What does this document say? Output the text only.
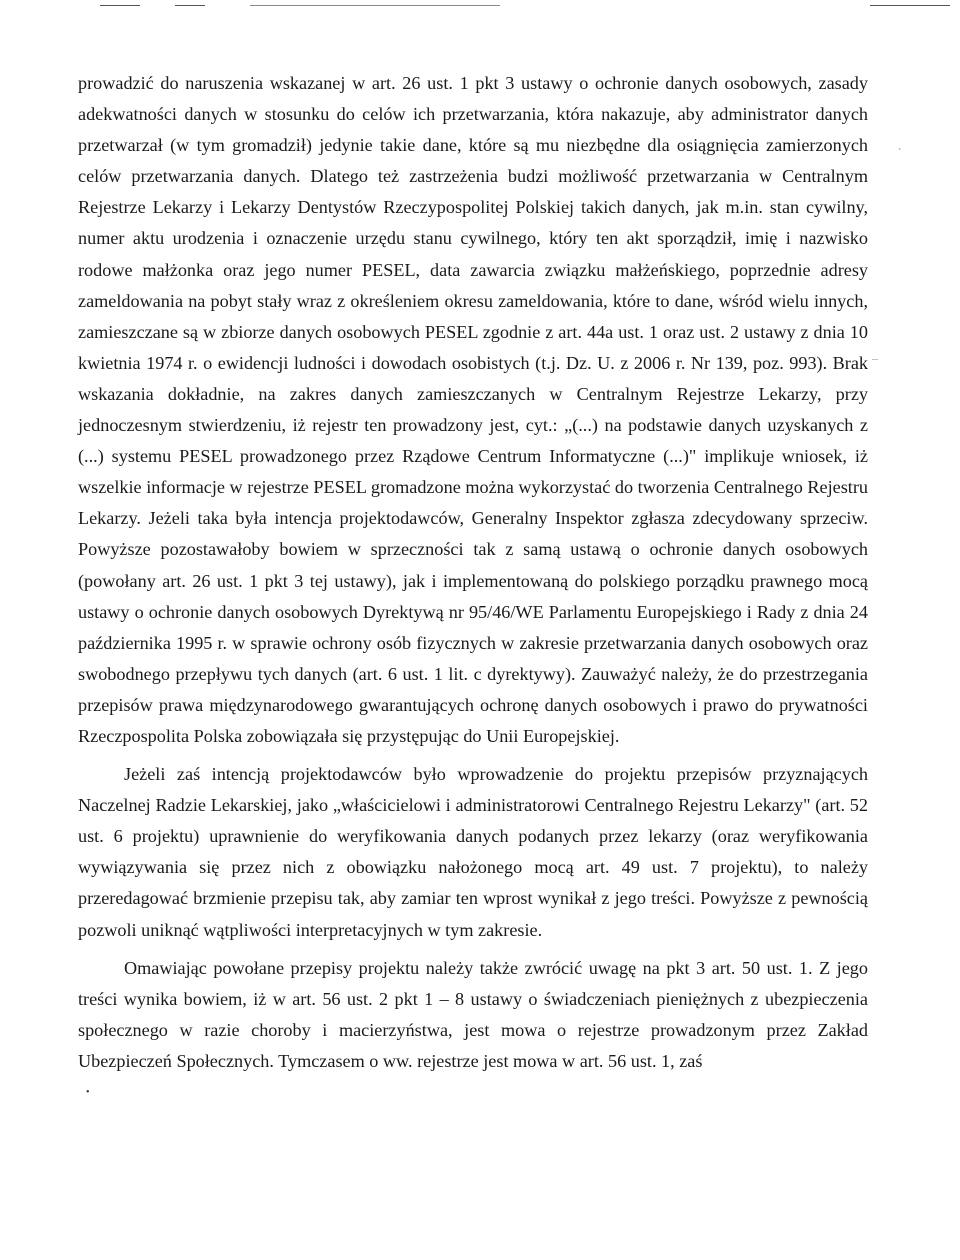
ˋ
–
•

prowadzić do naruszenia wskazanej w art. 26 ust. 1 pkt 3 ustawy o ochronie danych osobowych, zasady adekwatności danych w stosunku do celów ich przetwarzania, która nakazuje, aby administrator danych przetwarzał (w tym gromadził) jedynie takie dane, które są mu niezbędne dla osiągnięcia zamierzonych celów przetwarzania danych. Dlatego też zastrzeżenia budzi możliwość przetwarzania w Centralnym Rejestrze Lekarzy i Lekarzy Dentystów Rzeczypospolitej Polskiej takich danych, jak m.in. stan cywilny, numer aktu urodzenia i oznaczenie urzędu stanu cywilnego, który ten akt sporządził, imię i nazwisko rodowe małżonka oraz jego numer PESEL, data zawarcia związku małżeńskiego, poprzednie adresy zameldowania na pobyt stały wraz z określeniem okresu zameldowania, które to dane, wśród wielu innych, zamieszczane są w zbiorze danych osobowych PESEL zgodnie z art. 44a ust. 1 oraz ust. 2 ustawy z dnia 10 kwietnia 1974 r. o ewidencji ludności i dowodach osobistych (t.j. Dz. U. z 2006 r. Nr 139, poz. 993). Brak wskazania dokładnie, na zakres danych zamieszczanych w Centralnym Rejestrze Lekarzy, przy jednoczesnym stwierdzeniu, iż rejestr ten prowadzony jest, cyt.: „(...) na podstawie danych uzyskanych z (...) systemu PESEL prowadzonego przez Rządowe Centrum Informatyczne (...)" implikuje wniosek, iż wszelkie informacje w rejestrze PESEL gromadzone można wykorzystać do tworzenia Centralnego Rejestru Lekarzy. Jeżeli taka była intencja projektodawców, Generalny Inspektor zgłasza zdecydowany sprzeciw. Powyższe pozostawałoby bowiem w sprzeczności tak z samą ustawą o ochronie danych osobowych (powołany art. 26 ust. 1 pkt 3 tej ustawy), jak i implementowaną do polskiego porządku prawnego mocą ustawy o ochronie danych osobowych Dyrektywą nr 95/46/WE Parlamentu Europejskiego i Rady z dnia 24 października 1995 r. w sprawie ochrony osób fizycznych w zakresie przetwarzania danych osobowych oraz swobodnego przepływu tych danych (art. 6 ust. 1 lit. c dyrektywy). Zauważyć należy, że do przestrzegania przepisów prawa międzynarodowego gwarantujących ochronę danych osobowych i prawo do prywatności Rzeczpospolita Polska zobowiązała się przystępując do Unii Europejskiej.

Jeżeli zaś intencją projektodawców było wprowadzenie do projektu przepisów przyznających Naczelnej Radzie Lekarskiej, jako „właścicielowi i administratorowi Centralnego Rejestru Lekarzy" (art. 52 ust. 6 projektu) uprawnienie do weryfikowania danych podanych przez lekarzy (oraz weryfikowania wywiązywania się przez nich z obowiązku nałożonego mocą art. 49 ust. 7 projektu), to należy przeredagować brzmienie przepisu tak, aby zamiar ten wprost wynikał z jego treści. Powyższe z pewnością pozwoli uniknąć wątpliwości interpretacyjnych w tym zakresie.

Omawiając powołane przepisy projektu należy także zwrócić uwagę na pkt 3 art. 50 ust. 1. Z jego treści wynika bowiem, iż w art. 56 ust. 2 pkt 1 – 8 ustawy o świadczeniach pieniężnych z ubezpieczenia społecznego w razie choroby i macierzyństwa, jest mowa o rejestrze prowadzonym przez Zakład Ubezpieczeń Społecznych. Tymczasem o ww. rejestrze jest mowa w art. 56 ust. 1, zaś
